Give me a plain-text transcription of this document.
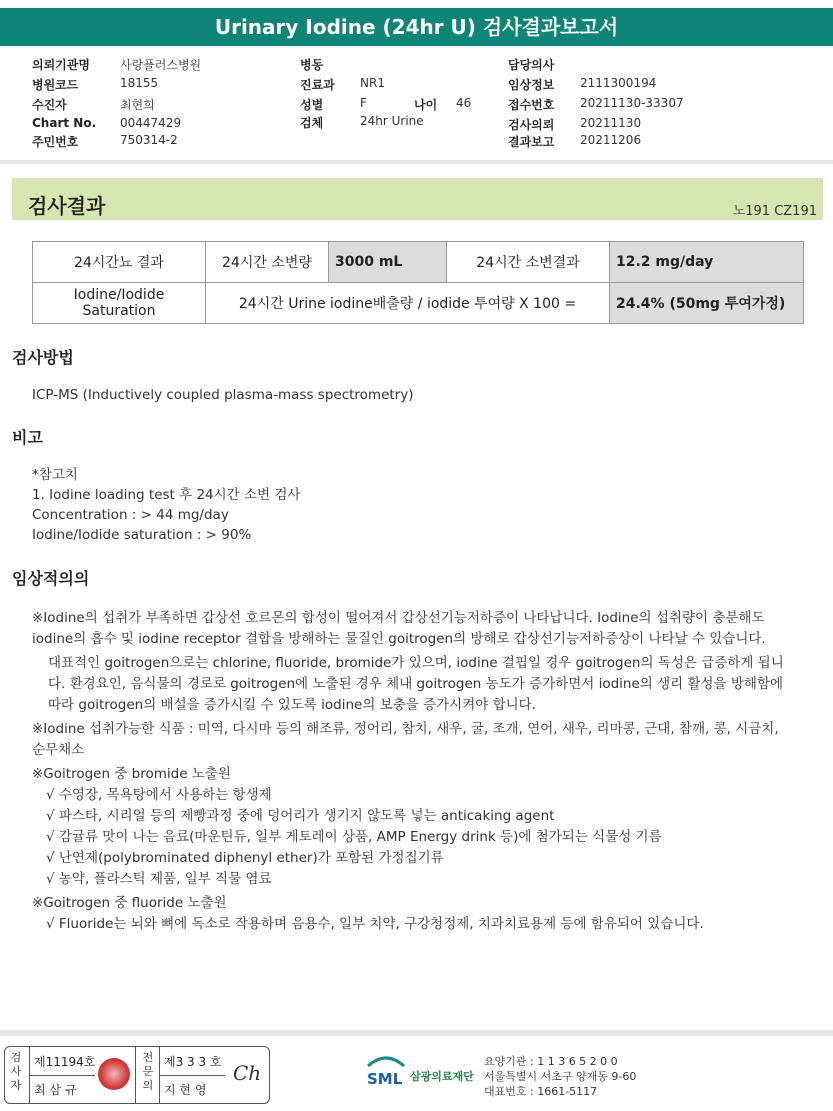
Urinary Iodine (24hr U) 검사결과보고서
의뢰기관명	사랑플러스병원
병원코드	18155
수진자	최현희
Chart No. 00447429
주민번호	750314-2
병동
진료과 NR1
성별	F
검체	24hr Urine
나이 46
담당의사
임상정보 2111300194
접수번호 20211130-33307
검사의뢰 20211130
결과보고 20211206
검사결과	노191 CZ191
24시간뇨 결과	24시간 소변량	3000 mL	24시간 소변결과	12.2 mg/day
Iodine/Iodide Saturation	24시간 Urine iodine배출량 / iodide 투여량 X 100 =			24.4% (50mg 투여가정)
검사방법
ICP-MS (Inductively coupled plasma-mass spectrometry)
비고
*참고치
1. Iodine loading test 후 24시간 소변 검사
Concentration : > 44 mg/day
Iodine/Iodide saturation : > 90%
임상적의의
※Iodine의 섭취가 부족하면 갑상선 호르몬의 합성이 떨어져서 갑상선기능저하증이 나타납니다. Iodine의 섭취량이 충분해도 iodine의 흡수 및 iodine receptor 결합을 방해하는 물질인 goitrogen의 방해로 갑상선기능저하증상이 나타날 수 있습니다.
대표적인 goitrogen으로는 chlorine, fluoride, bromide가 있으며, iodine 결핍일 경우 goitrogen의 독성은 급증하게 됩니다. 환경요인, 음식물의 경로로 goitrogen에 노출된 경우 체내 goitrogen 농도가 증가하면서 iodine의 생리 활성을 방해함에 따라 goitrogen의 배설을 증가시킬 수 있도록 iodine의 보충을 증가시켜야 합니다.
※Iodine 섭취가능한 식품 : 미역, 다시마 등의 해조류, 정어리, 참치, 새우, 굴, 조개, 연어, 새우, 리마콩, 근대, 참깨, 콩, 시금치, 순무채소
※Goitrogen 중 bromide 노출원
√ 수영장, 목욕탕에서 사용하는 항생제
√ 파스타, 시리얼 등의 제빵과정 중에 덩어리가 생기지 않도록 넣는 anticaking agent
√ 감귤류 맛이 나는 음료(마운틴듀, 일부 게토레이 상품, AMP Energy drink 등)에 첨가되는 식물성 기름
√ 난연제(polybrominated diphenyl ether)가 포함된 가정집기류
√ 농약, 플라스틱 제품, 일부 직물 염료
※Goitrogen 중 fluoride 노출원
√ Fluoride는 뇌와 뼈에 독소로 작용하며 음용수, 일부 치약, 구강청정제, 치과치료용제 등에 함유되어 있습니다.
검사자
제11194호
최 삼 규
전문의
제3 3 3 호
지 현 영
Ch	SML 삼광의료재단
요양기관 : 1 1 3 6 5 2 0 0
서울특별시 서초구 양재동 9-60
대표번호 : 1661-5117
